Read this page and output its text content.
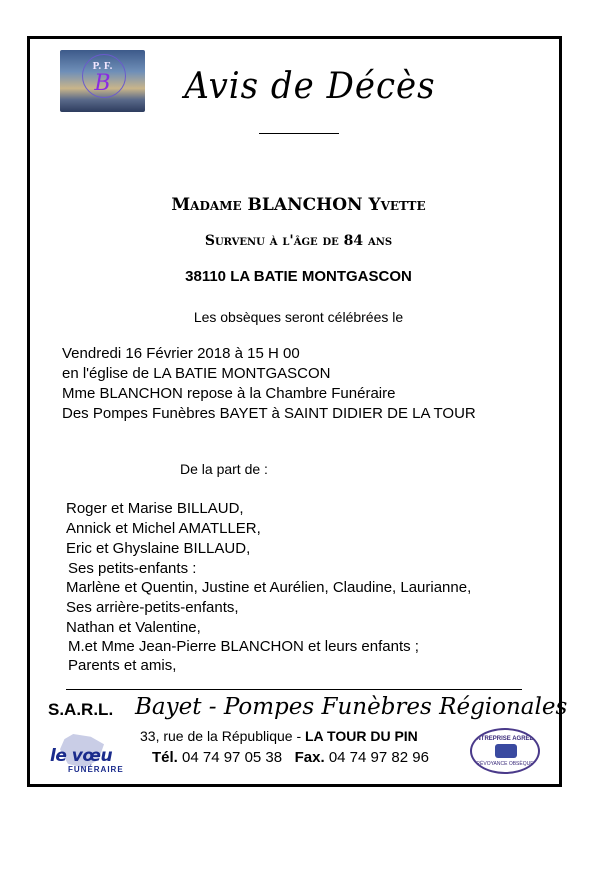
P. F.
B	Avis de Décès
Madame BLANCHON Yvette
Survenu à l'âge de 84 ans
38110 LA BATIE MONTGASCON
Les obsèques seront célébrées le
Vendredi 16 Février 2018 à 15 H 00
en l'église de LA BATIE MONTGASCON
Mme BLANCHON repose à la Chambre Funéraire
Des Pompes Funèbres BAYET à SAINT DIDIER DE LA TOUR
De la part de :
Roger et Marise BILLAUD,
Annick et Michel AMATLLER,
Eric et Ghyslaine BILLAUD,
Ses petits-enfants :
Marlène et Quentin, Justine et Aurélien, Claudine, Laurianne,
Ses arrière-petits-enfants,
Nathan et Valentine,
M.et Mme Jean-Pierre BLANCHON et leurs enfants ;
Parents et amis,
S.A.R.L. Bayet - Pompes Funèbres Régionales
le vœu
FUNÉRAIRE
33, rue de la République - LA TOUR DU PIN
Tél. 04 74 97 05 38 Fax. 04 74 97 82 96
ENTREPRISE AGRÉÉE
PRÉVOYANCE OBSÈQUES
